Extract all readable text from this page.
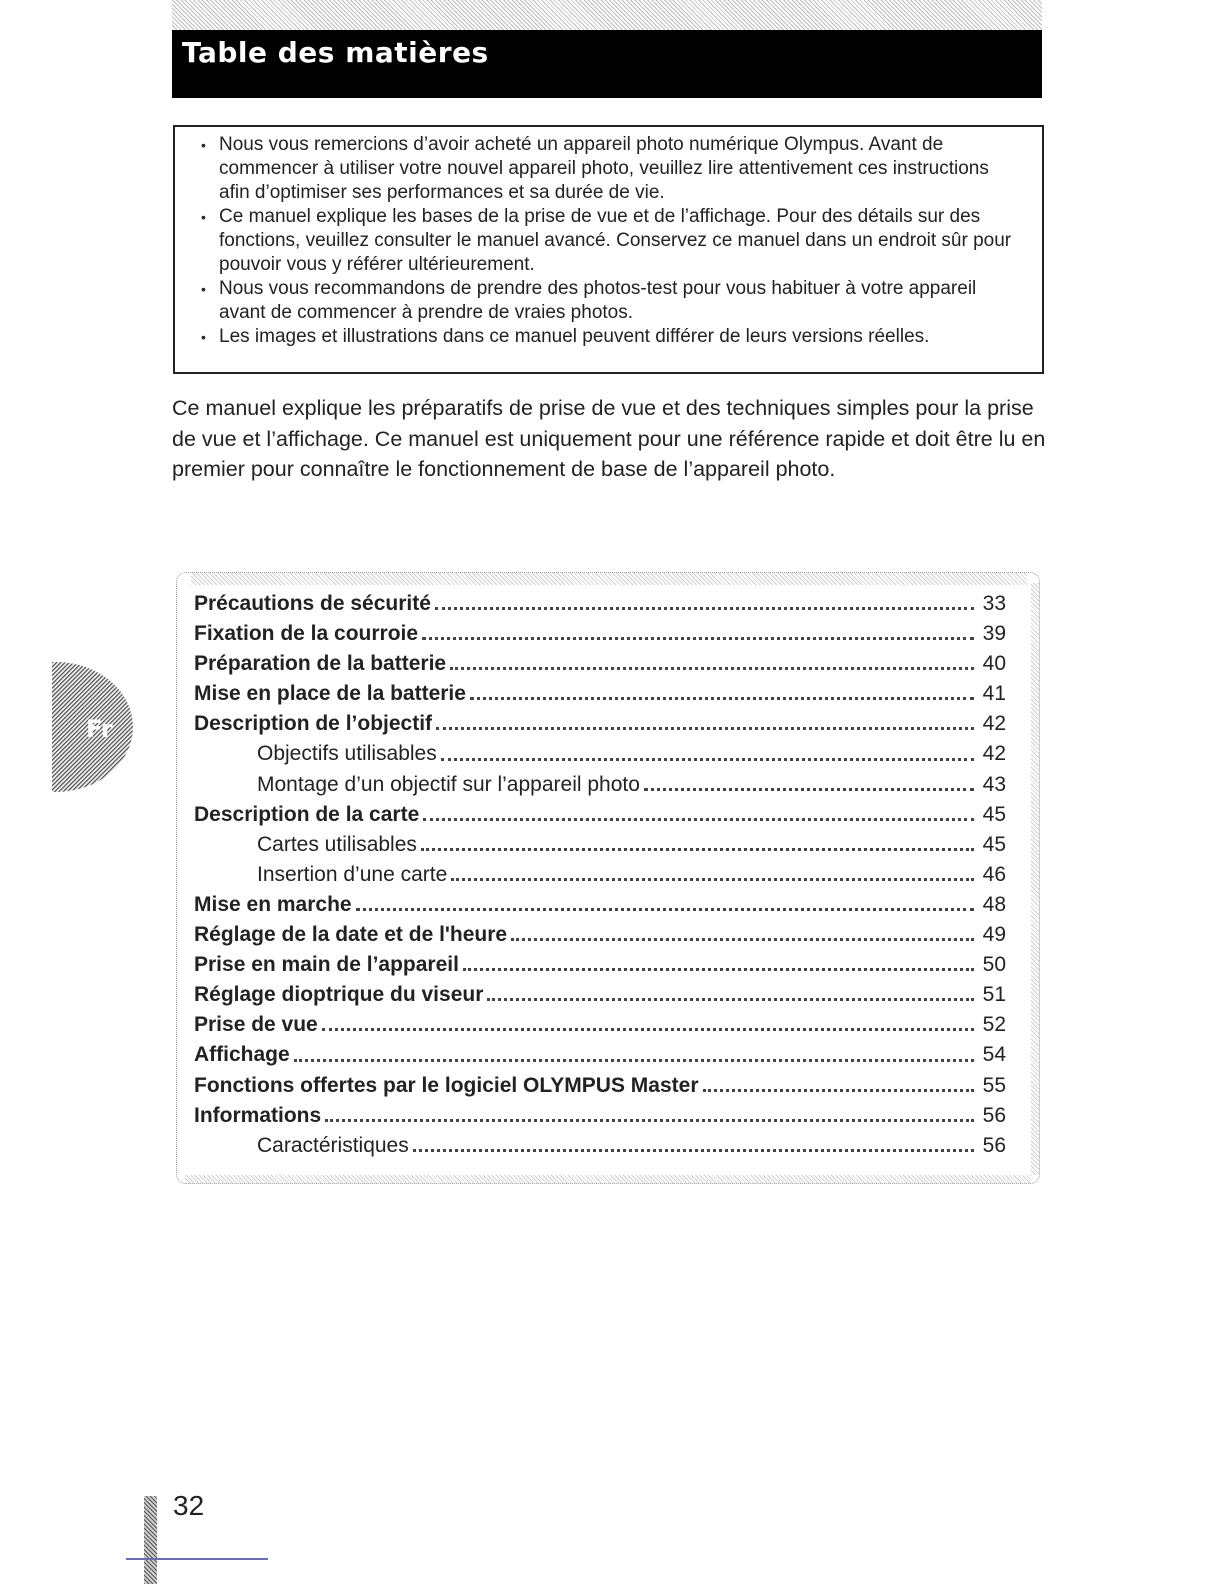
Table des matières
• Nous vous remercions d’avoir acheté un appareil photo numérique Olympus. Avant de commencer à utiliser votre nouvel appareil photo, veuillez lire attentivement ces instructions afin d’optimiser ses performances et sa durée de vie.
• Ce manuel explique les bases de la prise de vue et de l’affichage. Pour des détails sur des fonctions, veuillez consulter le manuel avancé. Conservez ce manuel dans un endroit sûr pour pouvoir vous y référer ultérieurement.
• Nous vous recommandons de prendre des photos-test pour vous habituer à votre appareil avant de commencer à prendre de vraies photos.
• Les images et illustrations dans ce manuel peuvent différer de leurs versions réelles.

Ce manuel explique les préparatifs de prise de vue et des techniques simples pour la prise de vue et l’affichage. Ce manuel est uniquement pour une référence rapide et doit être lu en premier pour connaître le fonctionnement de base de l’appareil photo.

Précautions de sécurité	33
Fixation de la courroie	39
Préparation de la batterie	40
Mise en place de la batterie	41
Description de l’objectif	42
Objectifs utilisables	42
Montage d’un objectif sur l’appareil photo	43
Description de la carte	45
Cartes utilisables	45
Insertion d’une carte	46
Mise en marche	48
Réglage de la date et de l'heure	49
Prise en main de l’appareil	50
Réglage dioptrique du viseur	51
Prise de vue	52
Affichage	54
Fonctions offertes par le logiciel OLYMPUS Master	55
Informations	56
Caractéristiques	56
Fr
32
